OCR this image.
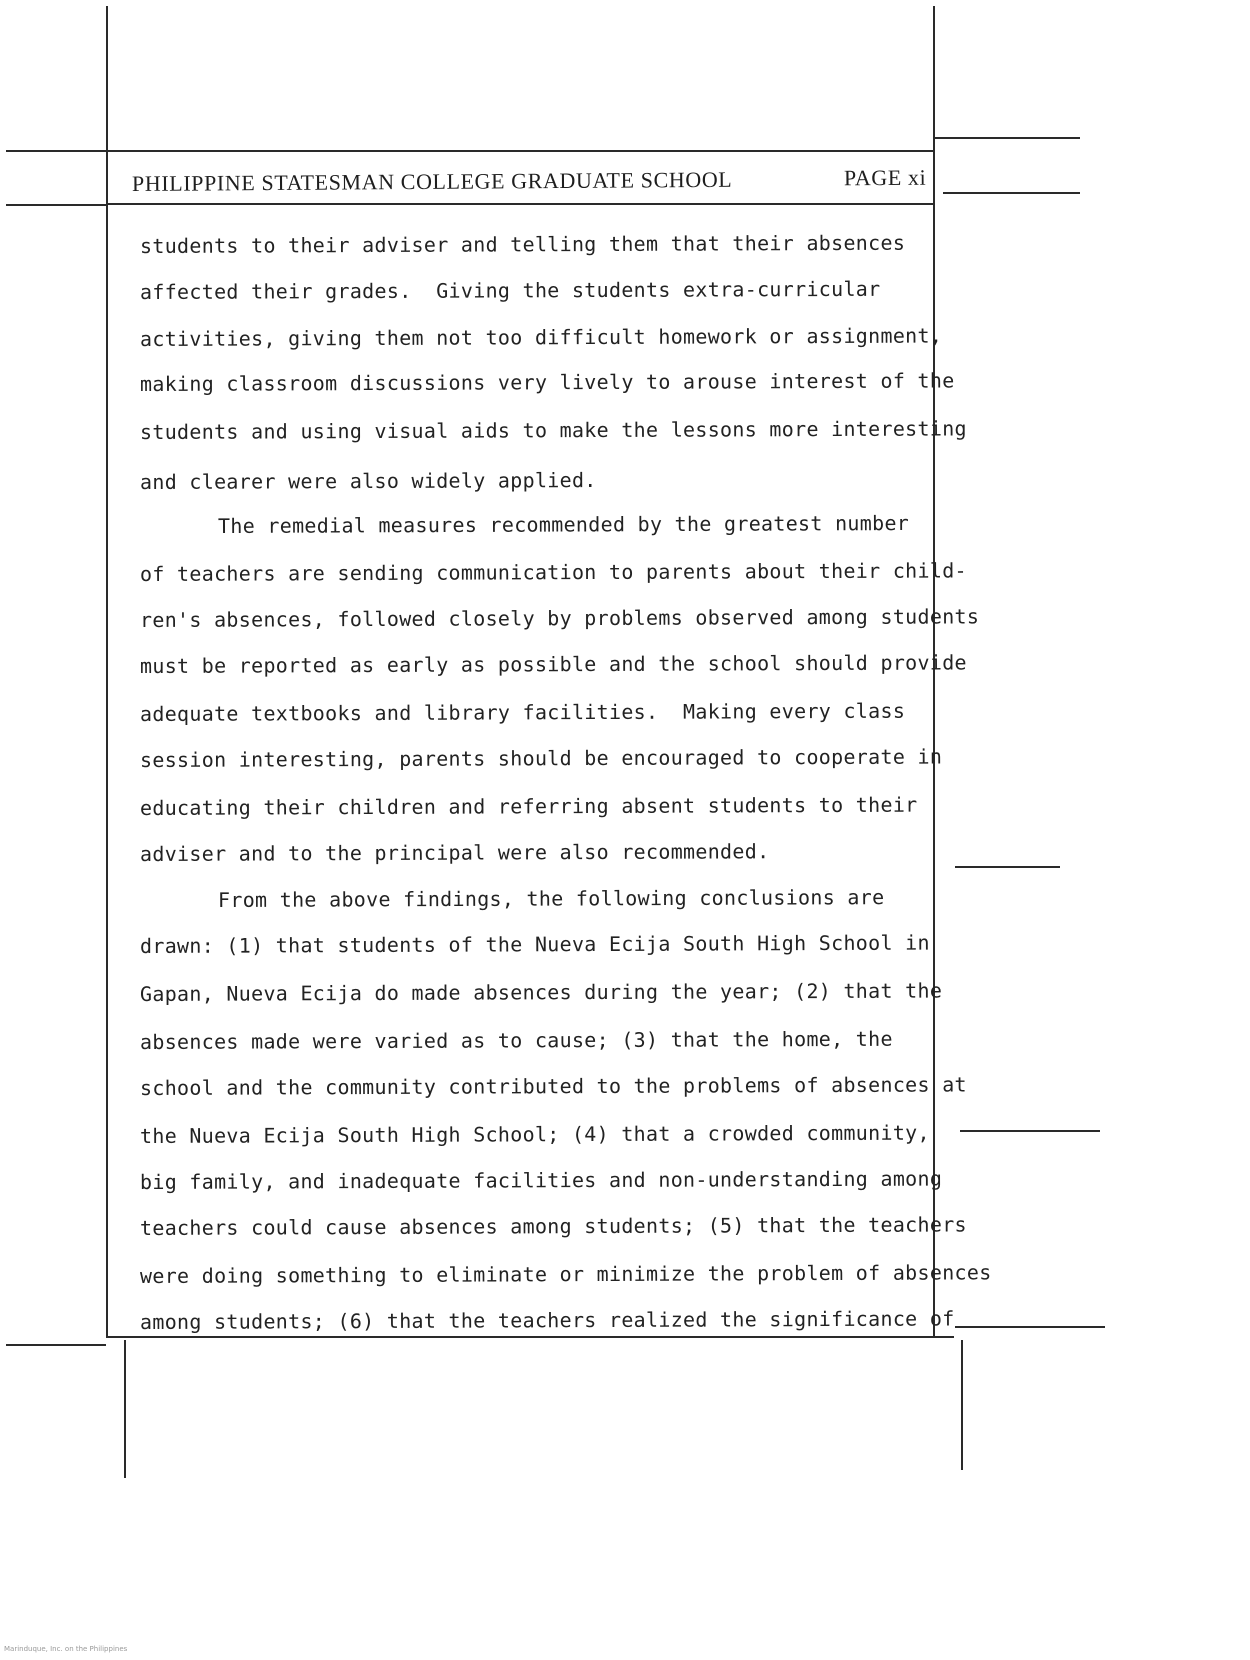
PHILIPPINE STATESMAN COLLEGE GRADUATE SCHOOL	PAGE xi
students to their adviser and telling them that their absences
affected their grades.  Giving the students extra-curricular
activities, giving them not too difficult homework or assignment,
making classroom discussions very lively to arouse interest of the
students and using visual aids to make the lessons more interesting
and clearer were also widely applied.
The remedial measures recommended by the greatest number
of teachers are sending communication to parents about their child-
ren's absences, followed closely by problems observed among students
must be reported as early as possible and the school should provide
adequate textbooks and library facilities.  Making every class
session interesting, parents should be encouraged to cooperate in
educating their children and referring absent students to their
adviser and to the principal were also recommended.
From the above findings, the following conclusions are
drawn: (1) that students of the Nueva Ecija South High School in
Gapan, Nueva Ecija do made absences during the year; (2) that the
absences made were varied as to cause; (3) that the home, the
school and the community contributed to the problems of absences at
the Nueva Ecija South High School; (4) that a crowded community,
big family, and inadequate facilities and non-understanding among
teachers could cause absences among students; (5) that the teachers
were doing something to eliminate or minimize the problem of absences
among students; (6) that the teachers realized the significance of
Marinduque, Inc. on the Philippines
